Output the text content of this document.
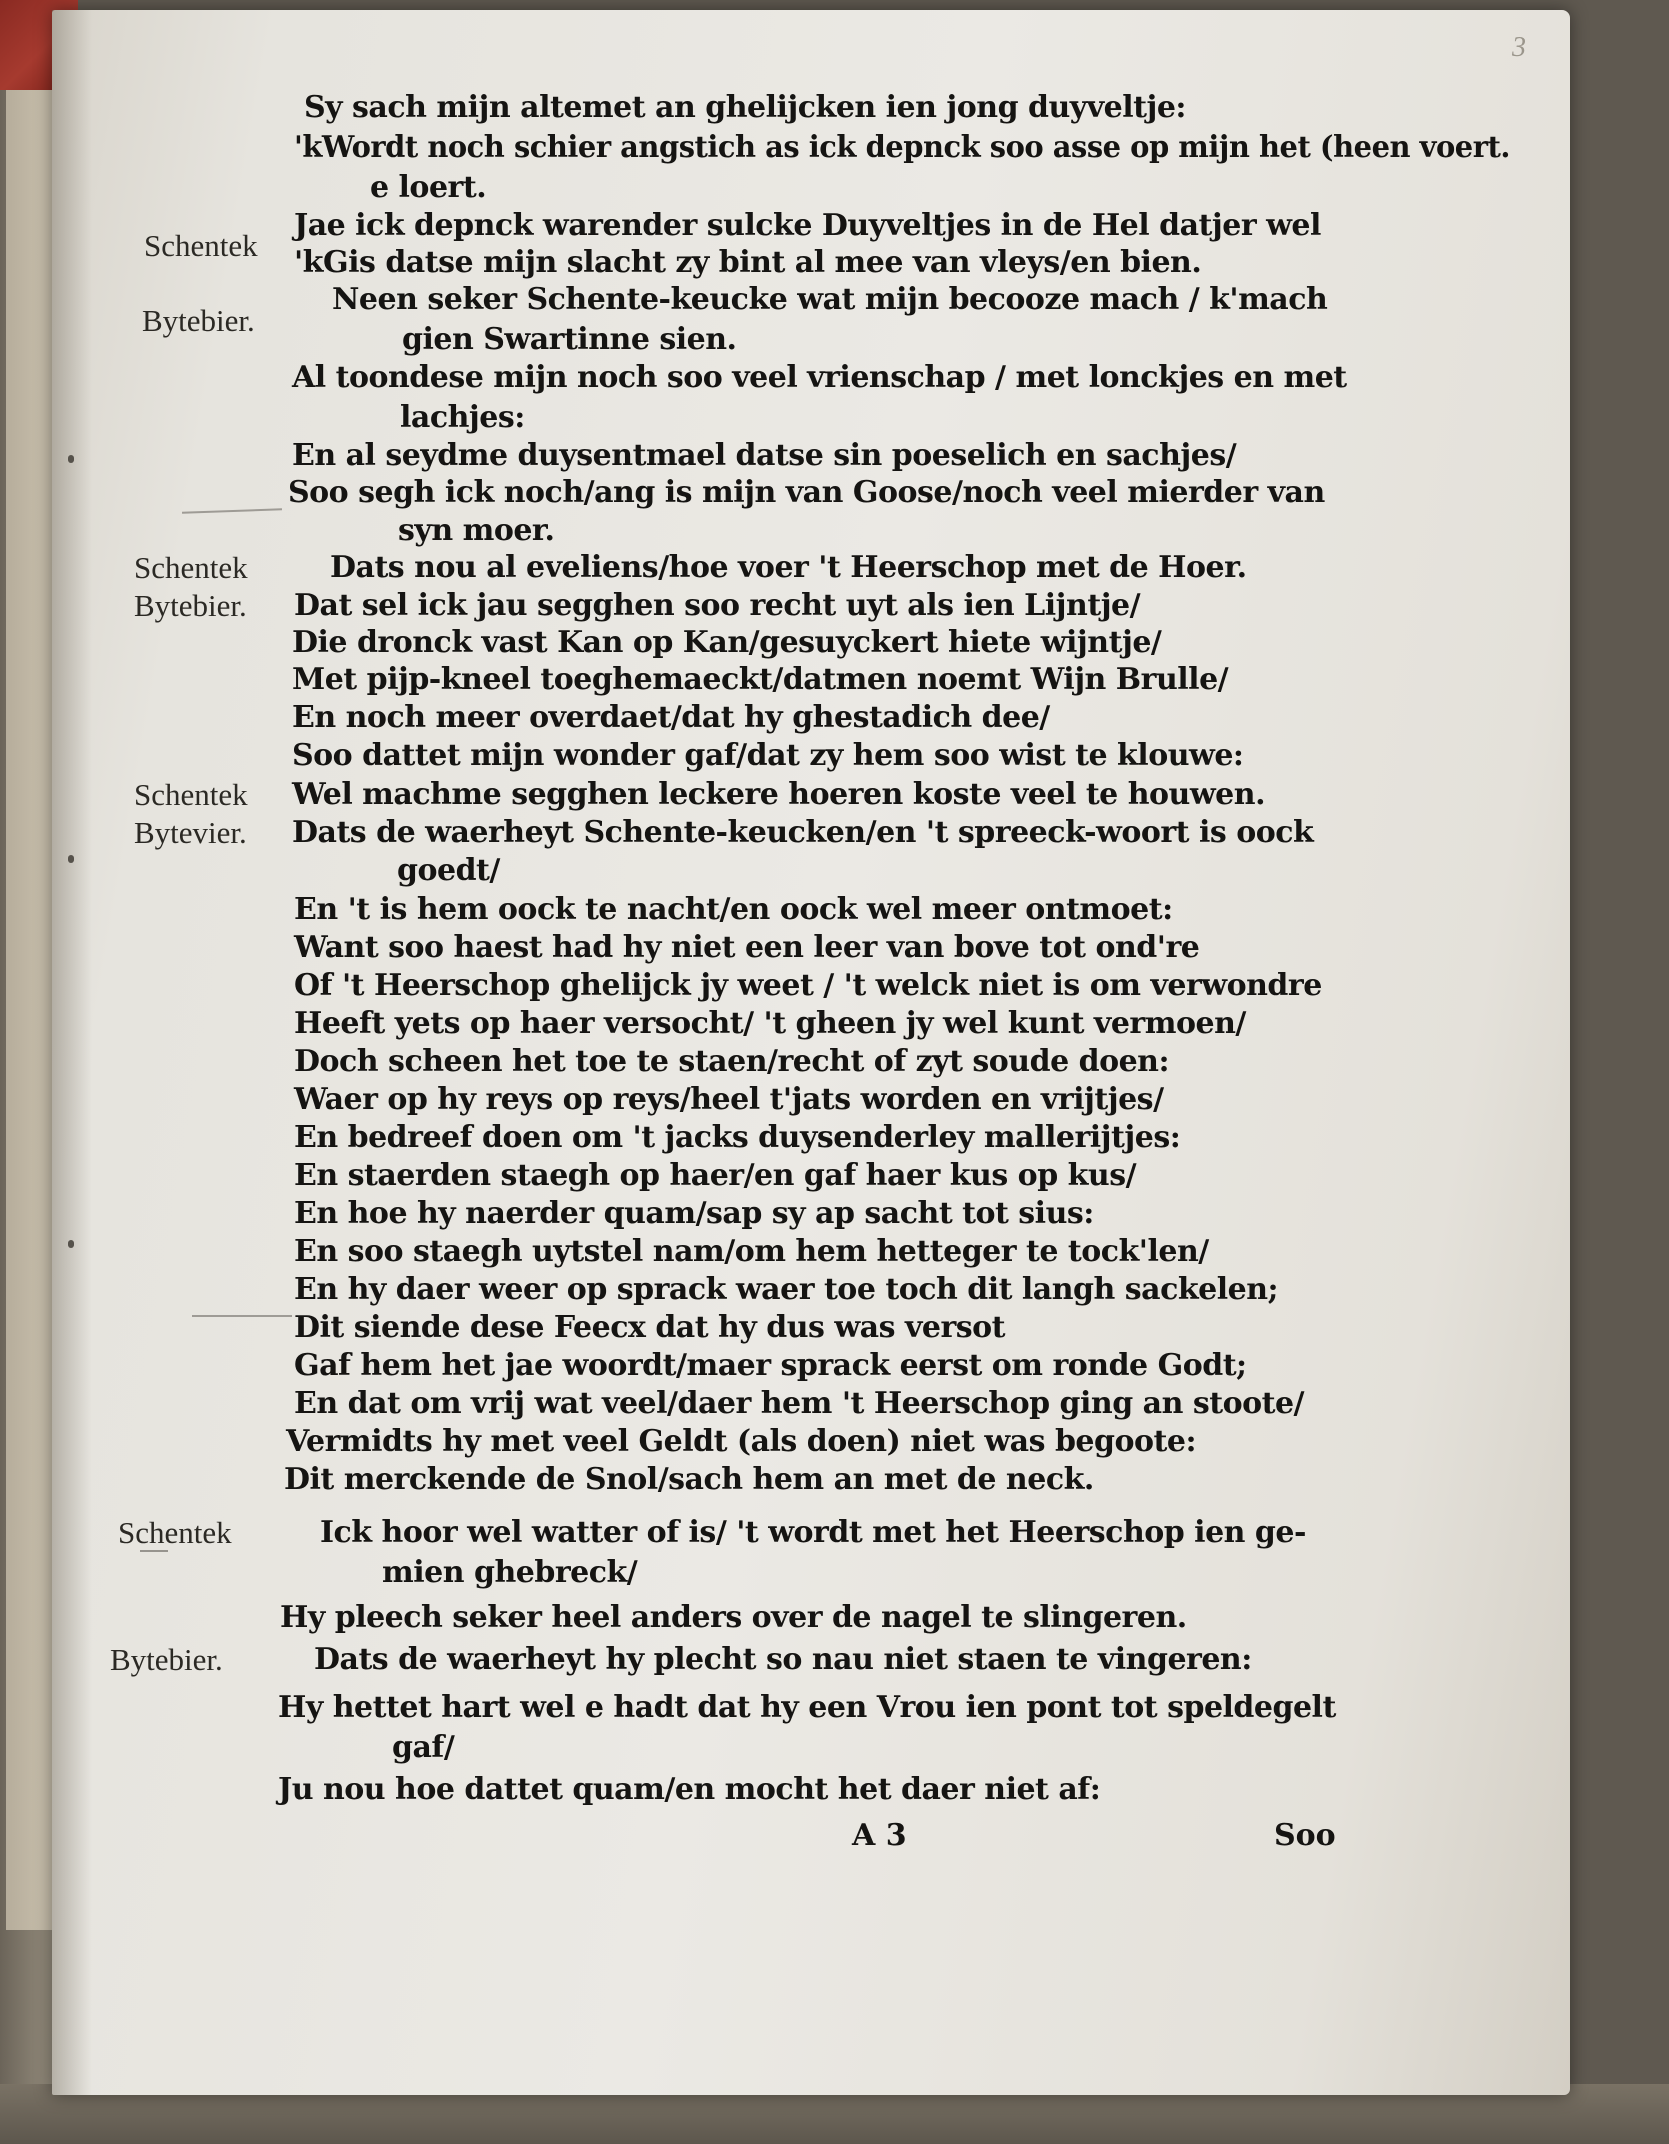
3
Schentek
Bytebier.
Schentek
Bytebier.
Schentek
Bytevier.
Schentek
Bytebier.
Sy sach mijn altemet an ghelijcken ien jong duyveltje:
'kWordt noch schier angstich as ick depnck soo asse op mijn het (heen voert.
e loert.
Jae ick depnck warender sulcke Duyveltjes in de Hel datjer wel
'kGis datse mijn slacht zy bint al mee van vleys/en bien.
Neen seker Schente-keucke wat mijn becooze mach / k'mach
gien Swartinne sien.
Al toondese mijn noch soo veel vrienschap / met lonckjes en met
lachjes:
En al seydme duysentmael datse sin poeselich en sachjes/
Soo segh ick noch/ang is mijn van Goose/noch veel mierder van
syn moer.
Dats nou al eveliens/hoe voer 't Heerschop met de Hoer.
Dat sel ick jau segghen soo recht uyt als ien Lijntje/
Die dronck vast Kan op Kan/gesuyckert hiete wijntje/
Met pijp-kneel toeghemaeckt/datmen noemt Wijn Brulle/
En noch meer overdaet/dat hy ghestadich dee/
Soo dattet mijn wonder gaf/dat zy hem soo wist te klouwe:
Wel machme segghen leckere hoeren koste veel te houwen.
Dats de waerheyt Schente-keucken/en 't spreeck-woort is oock
goedt/
En 't is hem oock te nacht/en oock wel meer ontmoet:
Want soo haest had hy niet een leer van bove tot ond're
Of 't Heerschop ghelijck jy weet / 't welck niet is om verwondre
Heeft yets op haer versocht/ 't gheen jy wel kunt vermoen/
Doch scheen het toe te staen/recht of zyt soude doen:
Waer op hy reys op reys/heel t'jats worden en vrijtjes/
En bedreef doen om 't jacks duysenderley mallerijtjes:
En staerden staegh op haer/en gaf haer kus op kus/
En hoe hy naerder quam/sap sy ap sacht tot sius:
En soo staegh uytstel nam/om hem hetteger te tock'len/
En hy daer weer op sprack waer toe toch dit langh sackelen;
Dit siende dese Feecx dat hy dus was versot
Gaf hem het jae woordt/maer sprack eerst om ronde Godt;
En dat om vrij wat veel/daer hem 't Heerschop ging an stoote/
Vermidts hy met veel Geldt (als doen) niet was begoote:
Dit merckende de Snol/sach hem an met de neck.
Ick hoor wel watter of is/ 't wordt met het Heerschop ien ge-
mien ghebreck/
Hy pleech seker heel anders over de nagel te slingeren.
Dats de waerheyt hy plecht so nau niet staen te vingeren:
Hy hettet hart wel e hadt dat hy een Vrou ien pont tot speldegelt
gaf/
Ju nou hoe dattet quam/en mocht het daer niet af:
A 3	Soo
